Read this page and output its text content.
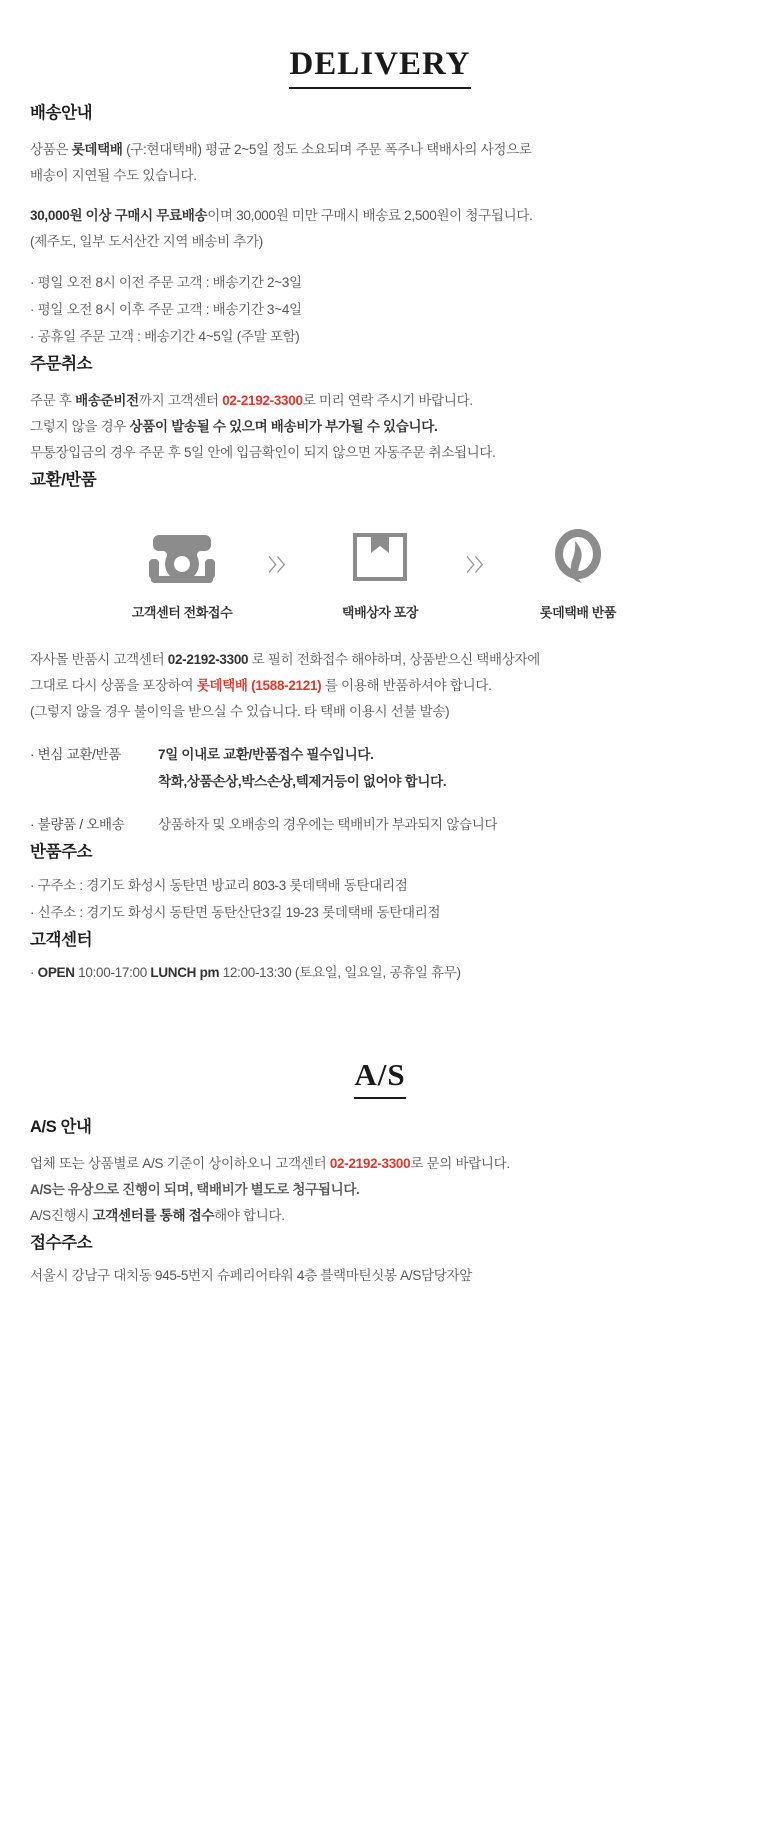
DELIVERY
배송안내
상품은 롯데택배 (구:현대택배) 평균 2~5일 정도 소요되며 주문 폭주나 택배사의 사정으로
배송이 지연될 수도 있습니다.
30,000원 이상 구매시 무료배송이며 30,000원 미만 구매시 배송료 2,500원이 청구됩니다.
(제주도, 일부 도서산간 지역 배송비 추가)
· 평일 오전 8시 이전 주문 고객 : 배송기간 2~3일
· 평일 오전 8시 이후 주문 고객 : 배송기간 3~4일
· 공휴일 주문 고객 : 배송기간 4~5일 (주말 포함)
주문취소
주문 후 배송준비전까지 고객센터 02-2192-3300로 미리 연락 주시기 바랍니다.
그렇지 않을 경우 상품이 발송될 수 있으며 배송비가 부가될 수 있습니다.
무통장입금의 경우 주문 후 5일 안에 입금확인이 되지 않으면 자동주문 취소됩니다.
교환/반품
고객센터 전화접수
〉〉
택배상자 포장
〉〉
롯데택배 반품
자사몰 반품시 고객센터 02-2192-3300 로 필히 전화접수 해야하며, 상품받으신 택배상자에
그대로 다시 상품을 포장하여 롯데택배 (1588-2121) 를 이용해 반품하셔야 합니다.
(그렇지 않을 경우 불이익을 받으실 수 있습니다. 타 택배 이용시 선불 발송)
· 변심 교환/반품	7일 이내로 교환/반품접수 필수입니다.
착화,상품손상,박스손상,텍제거등이 없어야 합니다.
· 불량품 / 오배송	상품하자 및 오배송의 경우에는 택배비가 부과되지 않습니다
반품주소
· 구주소 : 경기도 화성시 동탄면 방교리 803-3 롯데택배 동탄대리점
· 신주소 : 경기도 화성시 동탄면 동탄산단3길 19-23 롯데택배 동탄대리점
고객센터
· OPEN 10:00-17:00 LUNCH pm 12:00-13:30 (토요일, 일요일, 공휴일 휴무)
A/S
A/S 안내
업체 또는 상품별로 A/S 기준이 상이하오니 고객센터 02-2192-3300로 문의 바랍니다.
A/S는 유상으로 진행이 되며, 택배비가 별도로 청구됩니다.
A/S진행시 고객센터를 통해 접수해야 합니다.
접수주소
서울시 강남구 대치동 945-5번지 슈페리어타워 4층 블랙마틴싯봉 A/S담당자앞
